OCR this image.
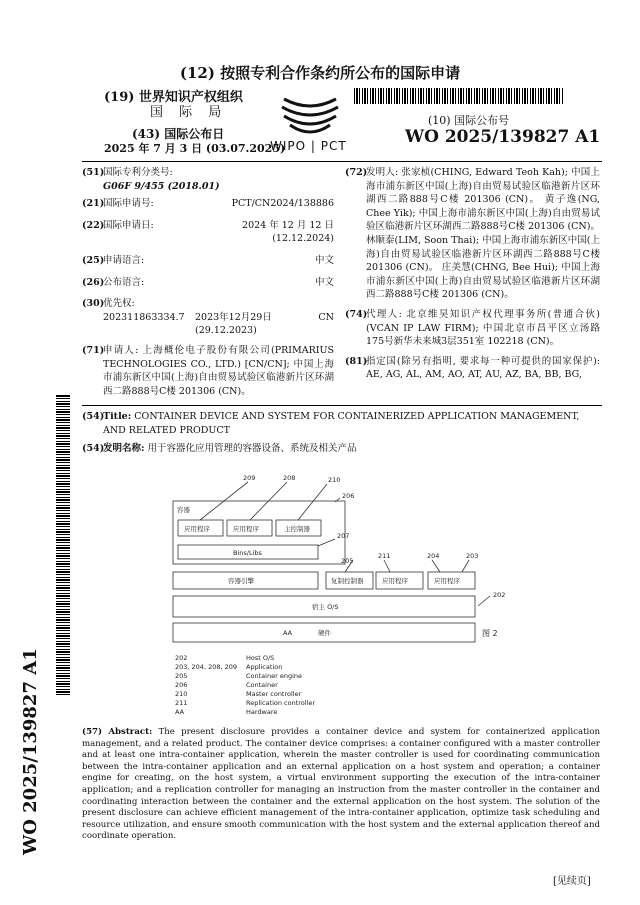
(12) 按照专利合作条约所公布的国际申请
(19) 世界知识产权组织
国 际 局
(43) 国际公布日
2025 年 7 月 3 日 (03.07.2025)
WIPO | PCT
(10) 国际公布号
WO 2025/139827 A1
(51)
国际专利分类号:
G06F 9/455 (2018.01)
(21)
国际申请号:	PCT/CN2024/138886
(22)
国际申请日:	2024 年 12 月 12 日 (12.12.2024)
(25)
申请语言:	中文
(26)
公布语言:	中文
(30)
优先权:
202311863334.7	2023年12月29日 (29.12.2023)
CN
(71)
申请人: 上海概伦电子股份有限公司(PRIMARIUS TECHNOLOGIES CO., LTD.) [CN/CN]; 中国上海市浦东新区中国(上海)自由贸易试验区临港新片区环湖西二路888号C楼 201306 (CN)。
(72)
发明人: 张家桢(CHING, Edward Teoh Kah); 中国上海市浦东新区中国(上海)自由贸易试验区临港新片区环湖西二路888号C楼 201306 (CN)。 黄子逸(NG, Chee Yik); 中国上海市浦东新区中国(上海)自由贸易试验区临港新片区环湖西二路888号C楼 201306 (CN)。 林顺泰(LIM, Soon Thai); 中国上海市浦东新区中国(上海)自由贸易试验区临港新片区环湖西二路888号C楼 201306 (CN)。 庄美慧(CHNG, Bee Hui); 中国上海市浦东新区中国(上海)自由贸易试验区临港新片区环湖西二路888号C楼 201306 (CN)。
(74)
代理人: 北京维昊知识产权代理事务所(普通合伙) (VCAN IP LAW FIRM); 中国北京市昌平区立汤路175号新华未来城3层351室 102218 (CN)。
(81)
指定国(除另有指明, 要求每一种可提供的国家保护): AE, AG, AL, AM, AO, AT, AU, AZ, BA, BB, BG,
(54)
Title: CONTAINER DEVICE AND SYSTEM FOR CONTAINERIZED APPLICATION MANAGEMENT, AND RELATED PRODUCT
(54)
发明名称: 用于容器化应用管理的容器设备、系统及相关产品
容器
应用程序	应用程序	主控制器
Bins/Libs
容器引擎	复制控制器	应用程序	应用程序
宿主 O/S
AA	硬件
209	208	210
206
207
205
211	204	203
202
图 2
202	Host O/S
203, 204, 208, 209 Application
205	Container engine
206	Container
210	Master controller
211	Replication controller
AA	Hardware
(57) Abstract: The present disclosure provides a container device and system for containerized application management, and a related product. The container device comprises: a container configured with a master controller and at least one intra-container application, wherein the master controller is used for coordinating communication between the intra-container application and an external application on a host system and operation; a container engine for creating, on the host system, a virtual environment supporting the execution of the intra-container application; and a replication controller for managing an instruction from the master controller in the container and coordinating interaction between the container and the external application on the host system. The solution of the present disclosure can achieve efficient management of the intra-container application, optimize task scheduling and resource utilization, and ensure smooth communication with the host system and the external application thereof and coordinate operation.
WO 2025/139827 A1
[见续页]
